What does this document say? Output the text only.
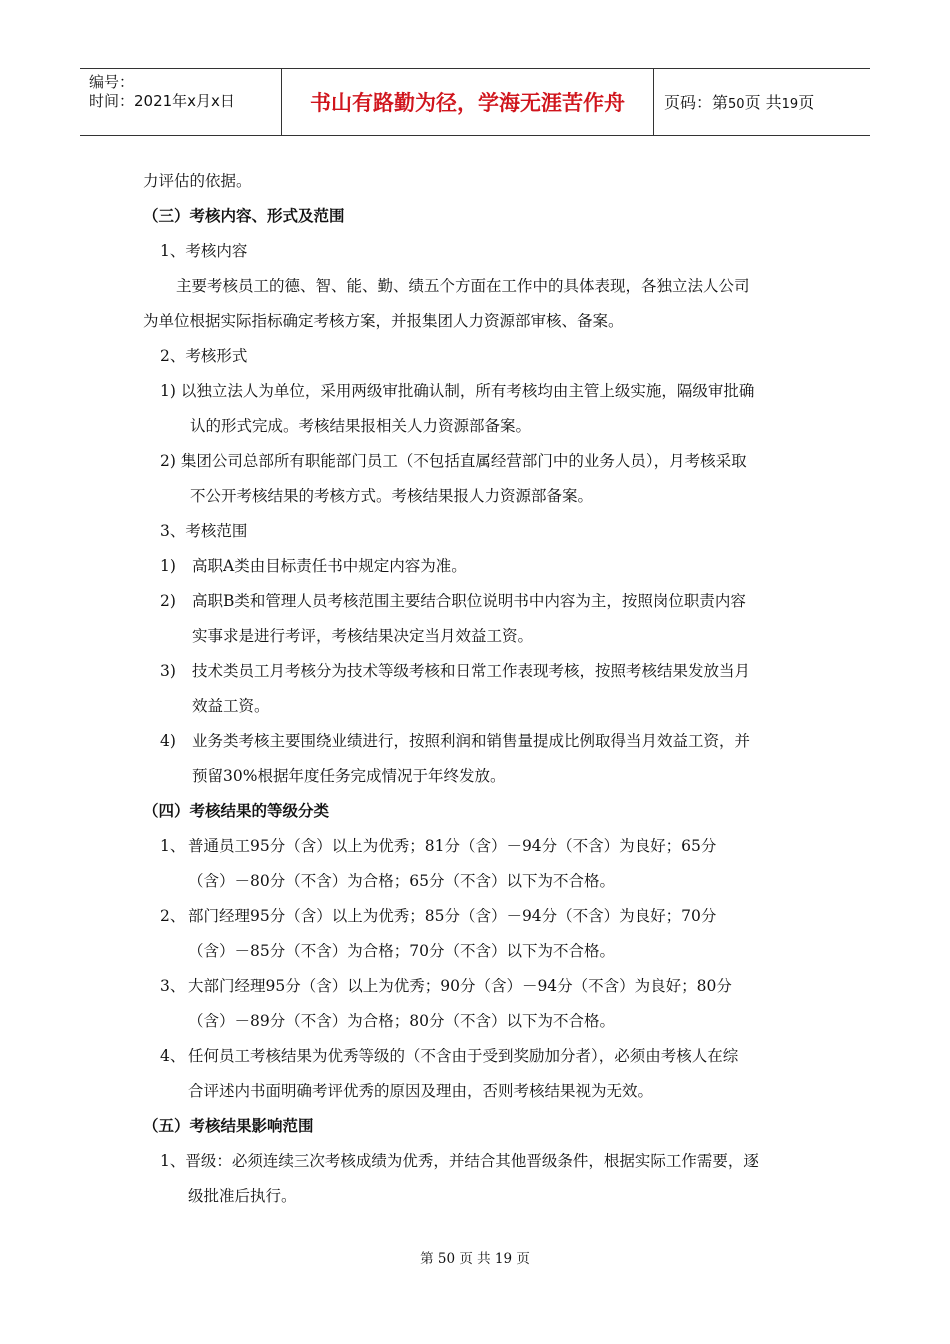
编号：
时间：2021年x月x日	书山有路勤为径，学海无涯苦作舟	页码：第50页 共19页
力评估的依据。
（三）考核内容、形式及范围
1、考核内容
主要考核员工的德、智、能、勤、绩五个方面在工作中的具体表现，各独立法人公司
为单位根据实际指标确定考核方案，并报集团人力资源部审核、备案。
2、考核形式
1) 以独立法人为单位，采用两级审批确认制，所有考核均由主管上级实施，隔级审批确
认的形式完成。考核结果报相关人力资源部备案。
2) 集团公司总部所有职能部门员工（不包括直属经营部门中的业务人员），月考核采取
不公开考核结果的考核方式。考核结果报人力资源部备案。
3、考核范围
1) 高职A类由目标责任书中规定内容为准。
2) 高职B类和管理人员考核范围主要结合职位说明书中内容为主，按照岗位职责内容
实事求是进行考评，考核结果决定当月效益工资。
3) 技术类员工月考核分为技术等级考核和日常工作表现考核，按照考核结果发放当月
效益工资。
4) 业务类考核主要围绕业绩进行，按照利润和销售量提成比例取得当月效益工资，并
预留30%根据年度任务完成情况于年终发放。
（四）考核结果的等级分类
1、 普通员工95分（含）以上为优秀；81分（含）－94分（不含）为良好；65分
（含）－80分（不含）为合格；65分（不含）以下为不合格。
2、 部门经理95分（含）以上为优秀；85分（含）－94分（不含）为良好；70分
（含）－85分（不含）为合格；70分（不含）以下为不合格。
3、 大部门经理95分（含）以上为优秀；90分（含）－94分（不含）为良好；80分
（含）－89分（不含）为合格；80分（不含）以下为不合格。
4、 任何员工考核结果为优秀等级的（不含由于受到奖励加分者），必须由考核人在综
合评述内书面明确考评优秀的原因及理由，否则考核结果视为无效。
（五）考核结果影响范围
1、晋级：必须连续三次考核成绩为优秀，并结合其他晋级条件，根据实际工作需要，逐
级批准后执行。
第 50 页 共 19 页
